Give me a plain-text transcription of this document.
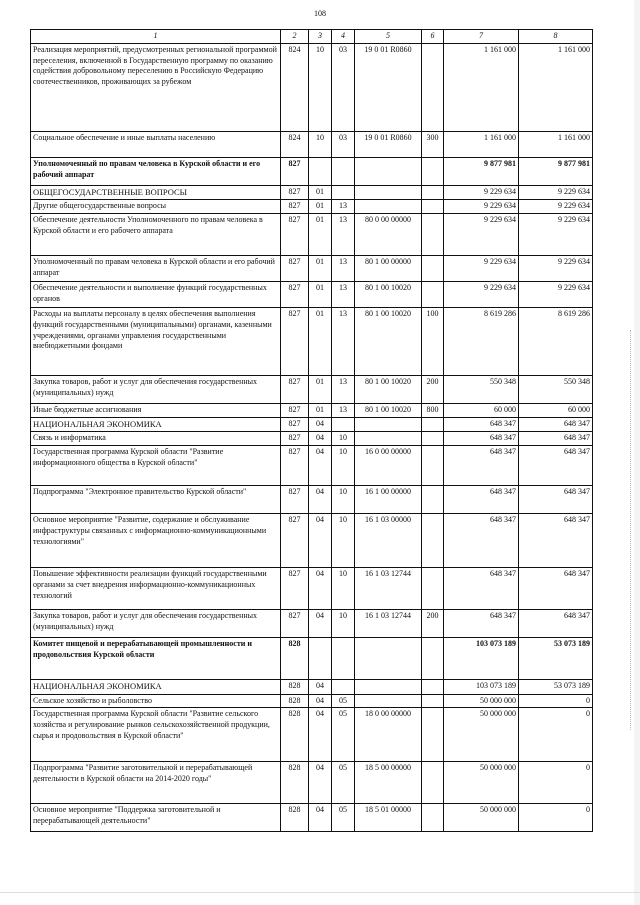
108
1	2	3	4	5	6	7	8
Реализация мероприятий, предусмотренных региональной программой переселения, включенной в Государственную программу по оказанию содействия добровольному переселению в Российскую Федерацию соотечественников, проживающих за рубежом	824	10	03	19 0 01 R0860		1 161 000	1 161 000
Социальное обеспечение и иные выплаты населению	824	10	03	19 0 01 R0860	300	1 161 000	1 161 000
Уполномоченный по правам человека в Курской области и его рабочий аппарат	827					9 877 981	9 877 981
ОБЩЕГОСУДАРСТВЕННЫЕ ВОПРОСЫ	827	01				9 229 634	9 229 634
Другие общегосударственные вопросы	827	01	13			9 229 634	9 229 634
Обеспечение деятельности Уполномоченного по правам человека в Курской области и его рабочего аппарата	827	01	13	80 0 00 00000		9 229 634	9 229 634
Уполномоченный по правам человека в Курской области и его рабочий аппарат	827	01	13	80 1 00 00000		9 229 634	9 229 634
Обеспечение деятельности и выполнение функций государственных органов	827	01	13	80 1 00 10020		9 229 634	9 229 634
Расходы на выплаты персоналу в целях обеспечения выполнения функций государственными (муниципальными) органами, казенными учреждениями, органами управления государственными внебюджетными фондами	827	01	13	80 1 00 10020	100	8 619 286	8 619 286
Закупка товаров, работ и услуг для обеспечения государственных (муниципальных) нужд	827	01	13	80 1 00 10020	200	550 348	550 348
Иные бюджетные ассигнования	827	01	13	80 1 00 10020	800	60 000	60 000
НАЦИОНАЛЬНАЯ ЭКОНОМИКА	827	04				648 347	648 347
Связь и информатика	827	04	10			648 347	648 347
Государственная программа Курской области "Развитие информационного общества в Курской области"	827	04	10	16 0 00 00000		648 347	648 347
Подпрограмма "Электронное правительство Курской области"	827	04	10	16 1 00 00000		648 347	648 347
Основное мероприятие "Развитие, содержание и обслуживание инфраструктуры связанных с информационно-коммуникационными технологиями"	827	04	10	16 1 03 00000		648 347	648 347
Повышение эффективности реализации функций государственными органами за счет внедрения информационно-коммуникационных технологий	827	04	10	16 1 03 12744		648 347	648 347
Закупка товаров, работ и услуг для обеспечения государственных (муниципальных) нужд	827	04	10	16 1 03 12744	200	648 347	648 347
Комитет пищевой и перерабатывающей промышленности и продовольствия Курской области	828					103 073 189	53 073 189
НАЦИОНАЛЬНАЯ ЭКОНОМИКА	828	04				103 073 189	53 073 189
Сельское хозяйство и рыболовство	828	04	05			50 000 000	0
Государственная программа Курской области "Развитие сельского хозяйства и регулирование рынков сельскохозяйственной продукции, сырья и продовольствия в Курской области"	828	04	05	18 0 00 00000		50 000 000	0
Подпрограмма "Развитие заготовительной и перерабатывающей деятельности в Курской области на 2014-2020 годы"	828	04	05	18 5 00 00000		50 000 000	0
Основное мероприятие "Поддержка заготовительной и перерабатывающей деятельности"	828	04	05	18 5 01 00000		50 000 000	0
